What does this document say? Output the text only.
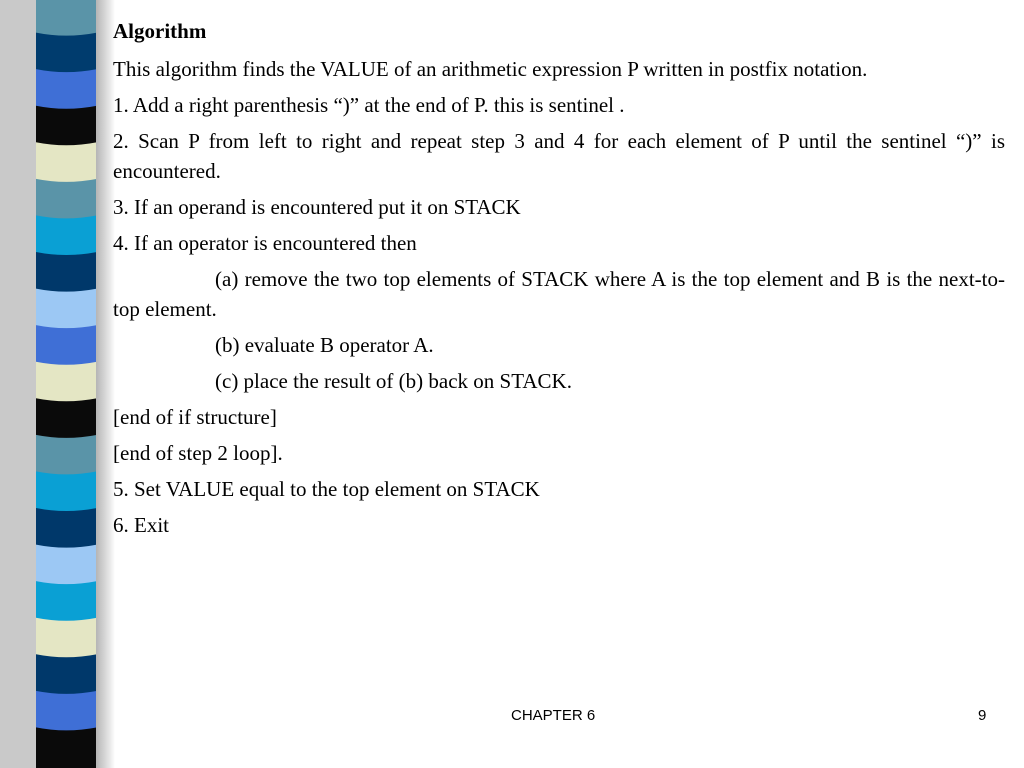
Algorithm

This algorithm finds the VALUE of an arithmetic expression P written in postfix notation.

1. Add a right parenthesis “)” at the end of P. this is sentinel .

2. Scan P from left to right and repeat step 3 and 4 for each element of P until the sentinel “)” is encountered.

3. If an operand is encountered put it on STACK

4. If an operator is encountered then

(a) remove the two top elements of STACK where A is the top element and B is the next-to-top element.

(b) evaluate B operator A.

(c) place the result of (b) back on STACK.

[end of if structure]

[end of step 2 loop].

5. Set VALUE equal to the top element on STACK

6. Exit

CHAPTER 6	9
